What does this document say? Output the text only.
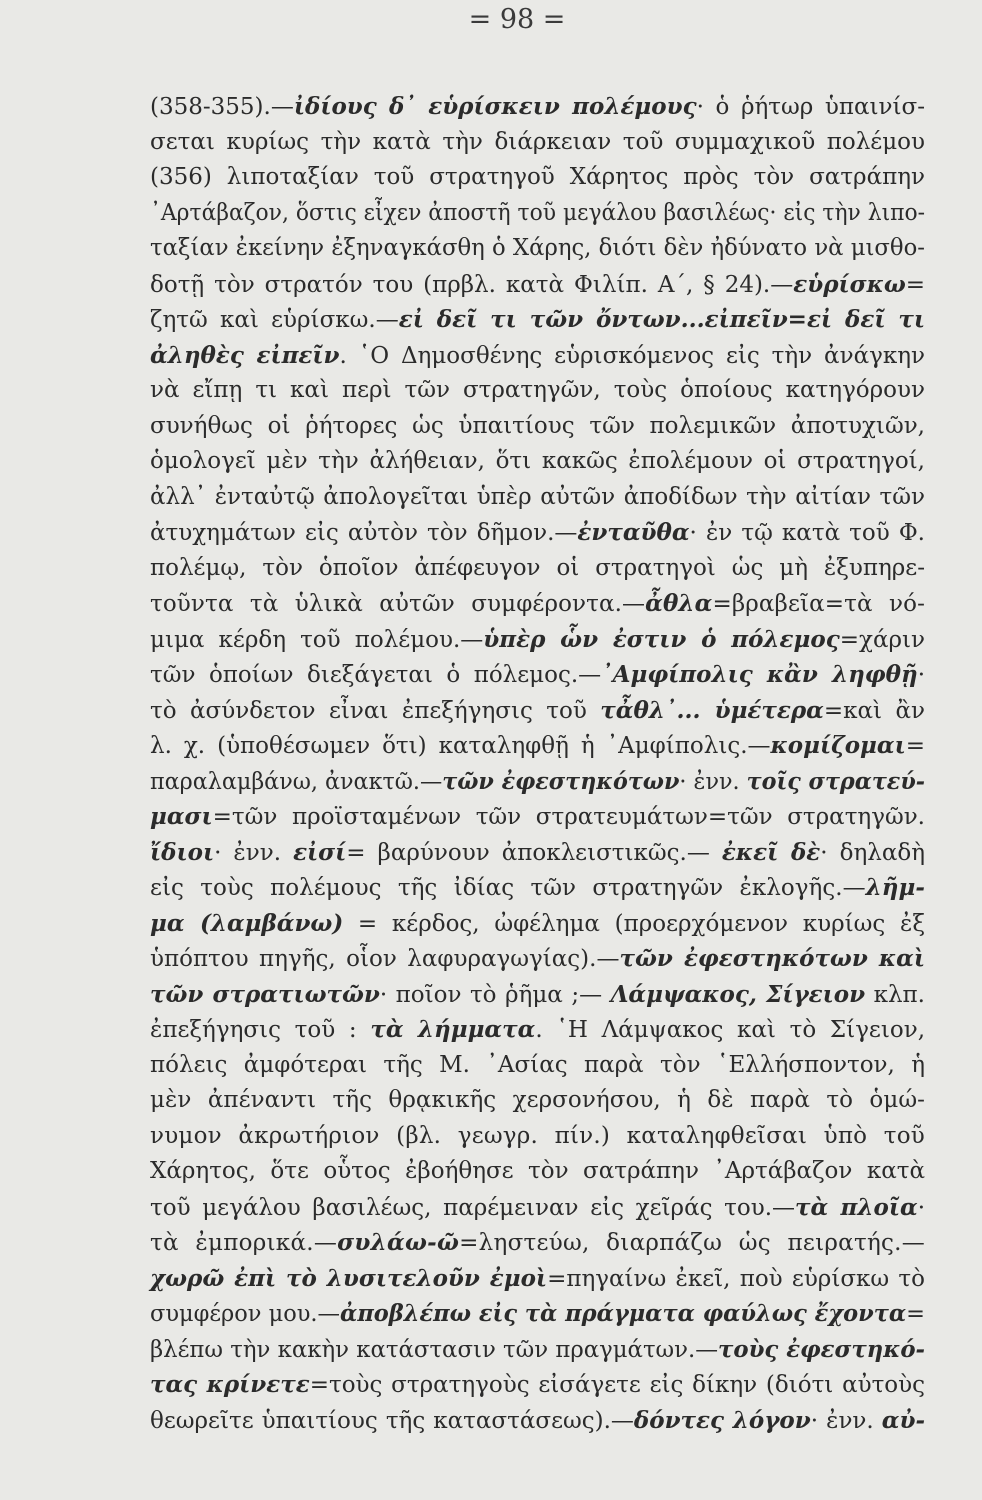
= 98 =
(358-355).—ἰδίους δ᾽ εὑρίσκειν πολέμους· ὁ ῥήτωρ ὑπαινίσ-
σεται κυρίως τὴν κατὰ τὴν διάρκειαν τοῦ συμμαχικοῦ πολέμου
(356) λιποταξίαν τοῦ στρατηγοῦ Χάρητος πρὸς τὸν σατράπην
᾽Αρτάβαζον, ὅστις εἶχεν ἀποστῆ τοῦ μεγάλου βασιλέως· εἰς τὴν λιπο-
ταξίαν ἐκείνην ἐξηναγκάσθη ὁ Χάρης, διότι δὲν ἠδύνατο νὰ μισθο-
δοτῇ τὸν στρατόν του (πρβλ. κατὰ Φιλίπ. Α΄, § 24).—εὑρίσκω=
ζητῶ καὶ εὑρίσκω.—εἰ δεῖ τι τῶν ὄντων...εἰπεῖν=εἰ δεῖ τι
ἀληθὲς εἰπεῖν. ῾Ο Δημοσθένης εὑρισκόμενος εἰς τὴν ἀνάγκην
νὰ εἴπῃ τι καὶ περὶ τῶν στρατηγῶν, τοὺς ὁποίους κατηγόρουν
συνήθως οἱ ῥήτορες ὡς ὑπαιτίους τῶν πολεμικῶν ἀποτυχιῶν,
ὁμολογεῖ μὲν τὴν ἀλήθειαν, ὅτι κακῶς ἐπολέμουν οἱ στρατηγοί,
ἀλλ᾽ ἐνταὐτῷ ἀπολογεῖται ὑπὲρ αὐτῶν ἀποδίδων τὴν αἰτίαν τῶν
ἀτυχημάτων εἰς αὐτὸν τὸν δῆμον.—ἐνταῦθα· ἐν τῷ κατὰ τοῦ Φ.
πολέμῳ, τὸν ὁποῖον ἀπέφευγον οἱ στρατηγοὶ ὡς μὴ ἐξυπηρε-
τοῦντα τὰ ὑλικὰ αὐτῶν συμφέροντα.—ἆθλα=βραβεῖα=τὰ νό-
μιμα κέρδη τοῦ πολέμου.—ὑπὲρ ὧν ἐστιν ὁ πόλεμος=χάριν
τῶν ὁποίων διεξάγεται ὁ πόλεμος.—᾽Αμφίπολις κἂν ληφθῇ·
τὸ ἀσύνδετον εἶναι ἐπεξήγησις τοῦ τἆθλ᾽... ὑμέτερα=καὶ ἂν
λ. χ. (ὑποθέσωμεν ὅτι) καταληφθῇ ἡ ᾽Αμφίπολις.—κομίζομαι=
παραλαμβάνω, ἀνακτῶ.—τῶν ἐφεστηκότων· ἐνν. τοῖς στρατεύ-
μασι=τῶν προϊσταμένων τῶν στρατευμάτων=τῶν στρατηγῶν.
ἴδιοι· ἐνν. εἰσί= βαρύνουν ἀποκλειστικῶς.— ἐκεῖ δὲ· δηλαδὴ
εἰς τοὺς πολέμους τῆς ἰδίας τῶν στρατηγῶν ἐκλογῆς.—λῆμ-
μα (λαμβάνω) = κέρδος, ὠφέλημα (προερχόμενον κυρίως ἐξ
ὑπόπτου πηγῆς, οἷον λαφυραγωγίας).—τῶν ἐφεστηκότων καὶ
τῶν στρατιωτῶν· ποῖον τὸ ῥῆμα ;— Λάμψακος, Σίγειον κλπ.
ἐπεξήγησις τοῦ : τὰ λήμματα. ῾Η Λάμψακος καὶ τὸ Σίγειον,
πόλεις ἀμφότεραι τῆς Μ. ᾽Ασίας παρὰ τὸν ῾Ελλήσποντον, ἡ
μὲν ἀπέναντι τῆς θρᾳκικῆς χερσονήσου, ἡ δὲ παρὰ τὸ ὁμώ-
νυμον ἀκρωτήριον (βλ. γεωγρ. πίν.) καταληφθεῖσαι ὑπὸ τοῦ
Χάρητος, ὅτε οὗτος ἐβοήθησε τὸν σατράπην ᾽Αρτάβαζον κατὰ
τοῦ μεγάλου βασιλέως, παρέμειναν εἰς χεῖράς του.—τὰ πλοῖα·
τὰ ἐμπορικά.—συλάω-ῶ=ληστεύω, διαρπάζω ὡς πειρατής.—
χωρῶ ἐπὶ τὸ λυσιτελοῦν ἐμοὶ=πηγαίνω ἐκεῖ, ποὺ εὑρίσκω τὸ
συμφέρον μου.—ἀποβλέπω εἰς τὰ πράγματα φαύλως ἔχοντα=
βλέπω τὴν κακὴν κατάστασιν τῶν πραγμάτων.—τοὺς ἐφεστηκό-
τας κρίνετε=τοὺς στρατηγοὺς εἰσάγετε εἰς δίκην (διότι αὐτοὺς
θεωρεῖτε ὑπαιτίους τῆς καταστάσεως).—δόντες λόγον· ἐνν. αὐ-
